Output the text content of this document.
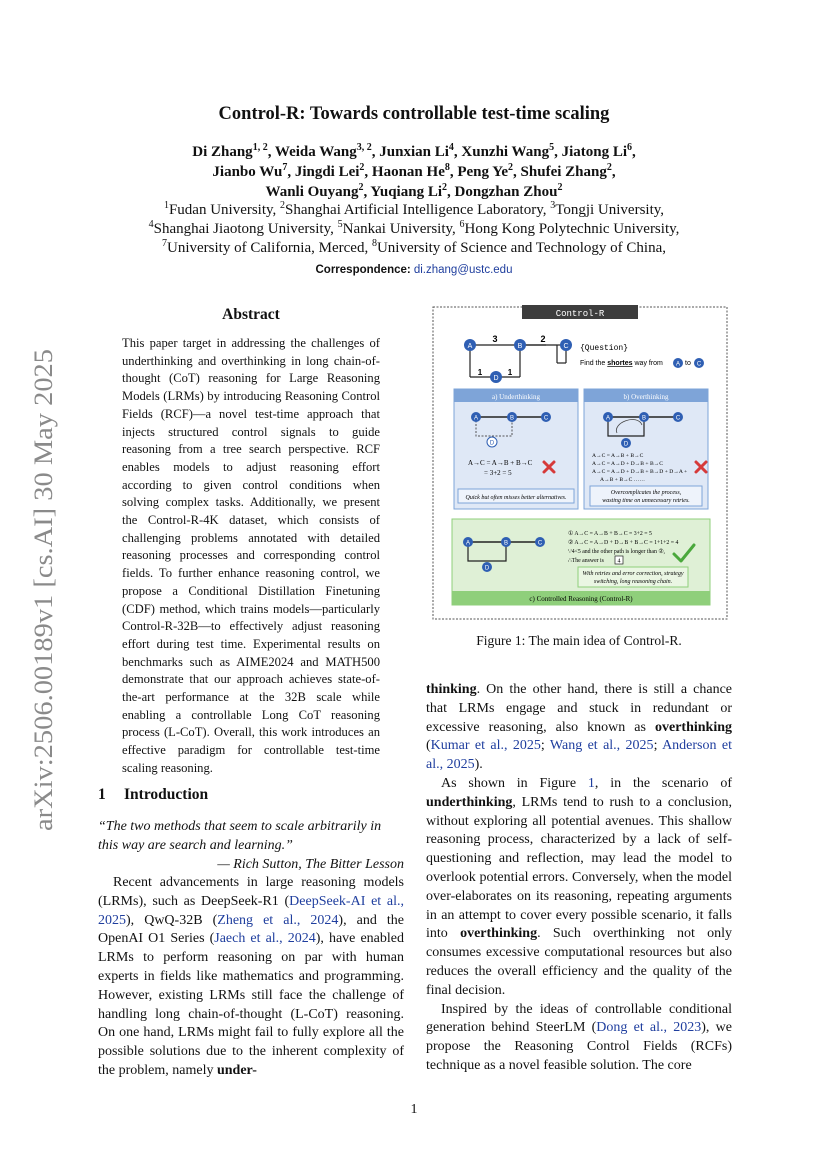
arXiv:2506.00189v1 [cs.AI] 30 May 2025
Control-R: Towards controllable test-time scaling
Di Zhang$^{1, 2}$, Weida Wang$^{3, 2}$, Junxian Li$^4$, Xunzhi Wang$^5$, Jiatong Li$^6$,
Jianbo Wu$^7$, Jingdi Lei$^2$, Haonan He$^8$, Peng Ye$^2$, Shufei Zhang$^2$,
Wanli Ouyang$^2$, Yuqiang Li$^2$, Dongzhan Zhou$^2$
$^1$Fudan University, $^2$Shanghai Artificial Intelligence Laboratory, $^3$Tongji University,
$^4$Shanghai Jiaotong University, $^5$Nankai University, $^6$Hong Kong Polytechnic University,
$^7$University of California, Merced, $^8$University of Science and Technology of China,
Correspondence: di.zhang@ustc.edu
Abstract
This paper target in addressing the challenges of underthinking and overthinking in long chain-of-thought (CoT) reasoning for Large Reasoning Models (LRMs) by introducing Reasoning Control Fields (RCF)—a novel test-time approach that injects structured control signals to guide reasoning from a tree search perspective. RCF enables models to adjust reasoning effort according to given control conditions when solving complex tasks. Additionally, we present the Control-R-4K dataset, which consists of challenging problems annotated with detailed reasoning processes and corresponding control fields. To further enhance reasoning control, we propose a Conditional Distillation Finetuning (CDF) method, which trains models—particularly Control-R-32B—to effectively adjust reasoning effort during test time. Experimental results on benchmarks such as AIME2024 and MATH500 demonstrate that our approach achieves state-of-the-art performance at the 32B scale while enabling a controllable Long CoT reasoning process (L-CoT). Overall, this work introduces an effective paradigm for controllable test-time scaling reasoning.
1 Introduction
“The two methods that seem to scale arbitrarily in this way are search and learning.”
— Rich Sutton, The Bitter Lesson

Recent advancements in large reasoning models (LRMs), such as DeepSeek-R1 (DeepSeek-AI et al., 2025), QwQ-32B (Zheng et al., 2024), and the OpenAI O1 Series (Jaech et al., 2024), have enabled LRMs to perform reasoning on par with human experts in fields like mathematics and programming. However, existing LRMs still face the challenge of handling long chain-of-thought (L-CoT) reasoning. On one hand, LRMs might fail to fully explore all the possible solutions due to the inherent complexity of the problem, namely under-

thinking. On the other hand, there is still a chance that LRMs engage and stuck in redundant or excessive reasoning, also known as overthinking (Kumar et al., 2025; Wang et al., 2025; Anderson et al., 2025).

As shown in Figure 1, in the scenario of underthinking, LRMs tend to rush to a conclusion, without exploring all potential avenues. This shallow reasoning process, characterized by a lack of self-questioning and reflection, may lead the model to overlook potential errors. Conversely, when the model over-elaborates on its reasoning, repeating arguments in an attempt to cover every possible scenario, it falls into overthinking. Such overthinking not only consumes excessive computational resources but also reduces the overall efficiency and the quality of the final decision.

Inspired by the ideas of controllable conditional generation behind SteerLM (Dong et al., 2023), we propose the Reasoning Control Fields (RCFs) technique as a novel feasible solution. The core

Control-R
A	B	C
D
3	2
1	1
{Question}
Find the shortes way from A to C
a) Underthinking
A	B	C
D
A→C = A→B + B→C
= 3+2 = 5
Quick but often misses better alternatives.
b) Overthinking
A	B	C
D
A→C = A→B + B→C
A→C = A→D + D→B + B→C
A→C = A→D + D→B + B→D + D→A +
A→B + B→C ……
Overcomplicates the process,
wasting time on unnecessary retries.
c) Controlled Reasoning (Control-R)
A	B	C
D
① A→C = A→B + B→C = 3+2 = 5
② A→C = A→D + D→B + B→C = 1+1+2 = 4
∵4<5 and the other path is longer than ②,
∴The answer is 4
With retries and error correction, strategy
switching, long reasoning chain.
Figure 1: The main idea of Control-R.
1
